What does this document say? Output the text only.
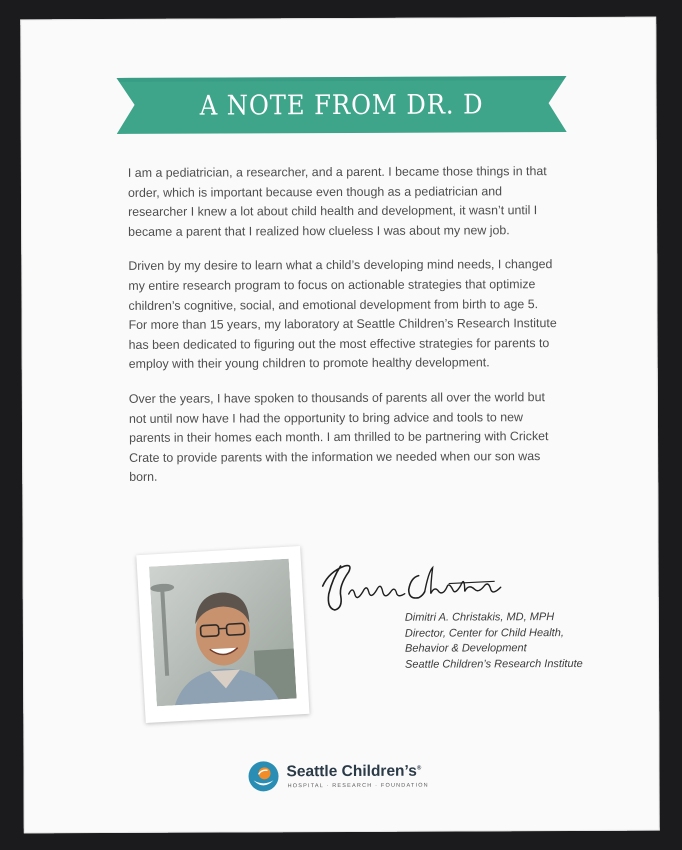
A NOTE FROM DR. D

I am a pediatrician, a researcher, and a parent. I became those things in that order, which is important because even though as a pediatrician and researcher I knew a lot about child health and development, it wasn’t until I became a parent that I realized how clueless I was about my new job.

Driven by my desire to learn what a child’s developing mind needs, I changed my entire research program to focus on actionable strategies that optimize children’s cognitive, social, and emotional development from birth to age 5. For more than 15 years, my laboratory at Seattle Children’s Research Institute has been dedicated to figuring out the most effective strategies for parents to employ with their young children to promote healthy development.

Over the years, I have spoken to thousands of parents all over the world but not until now have I had the opportunity to bring advice and tools to new parents in their homes each month. I am thrilled to be partnering with Cricket Crate to provide parents with the information we needed when our son was born.

Dimitri A. Christakis, MD, MPH
Director, Center for Child Health,
Behavior & Development
Seattle Children’s Research Institute
Seattle Children’s®
HOSPITAL · RESEARCH · FOUNDATION
